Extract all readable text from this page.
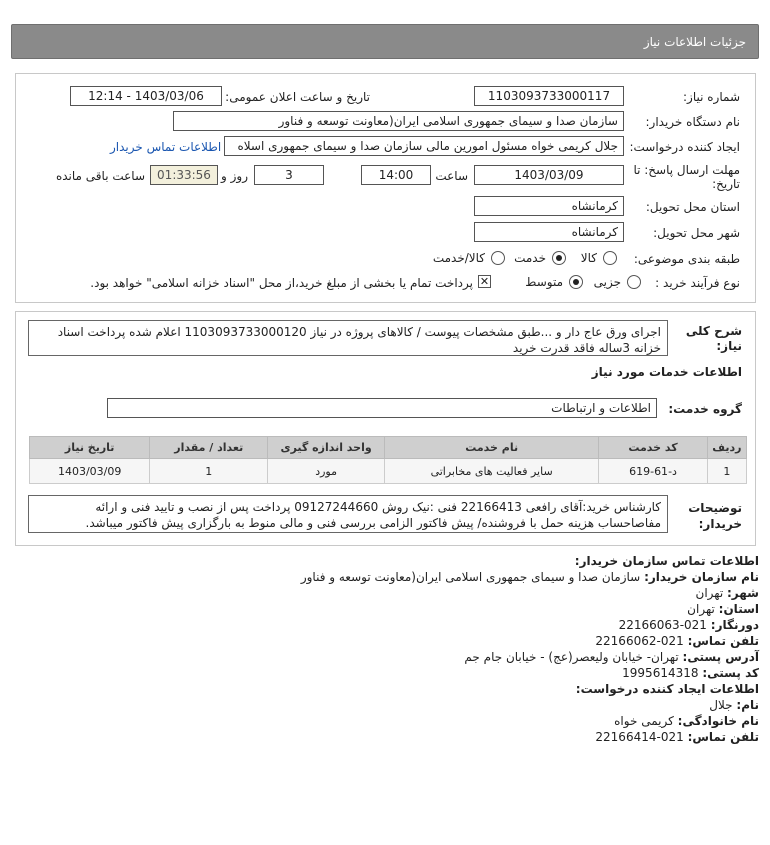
جزئیات اطلاعات نیاز
شماره نیاز:
1103093733000117
تاریخ و ساعت اعلان عمومی:
1403/03/06 - 12:14
نام دستگاه خریدار:
سازمان صدا و سیمای جمهوری اسلامی ایران(معاونت توسعه و فناور
ایجاد کننده درخواست:
جلال کریمی خواه مسئول امورین مالی سازمان صدا و سیمای جمهوری اسلاه
اطلاعات تماس خریدار
مهلت ارسال پاسخ: تا
تاریخ:
1403/03/09
ساعت
14:00
3
روز و
01:33:56
ساعت باقی مانده
استان محل تحویل:
کرمانشاه
شهر محل تحویل:
کرمانشاه
طبقه بندی موضوعی:
کالا
خدمت
کالا/خدمت
نوع فرآیند خرید :
جزیی
متوسط
✕
پرداخت تمام یا بخشی از مبلغ خرید،از محل "اسناد خزانه اسلامی" خواهد بود.
شرح کلی
نیاز:
اجرای ورق عاج دار و ...طبق مشخصات پیوست / کالاهای پروژه در نیاز 1103093733000120 اعلام شده پرداخت اسناد خزانه 3ساله فاقد قدرت خرید
اطلاعات خدمات مورد نیاز
گروه خدمت:
اطلاعات و ارتباطات
ردیف	کد خدمت	نام خدمت	واحد اندازه گیری	تعداد / مقدار	تاریخ نیاز
1	د-61-619	سایر فعالیت های مخابراتی	مورد	1	1403/03/09
توضیحات
خریدار:
کارشناس خرید:آقای رافعی 22166413 فنی :نیک روش 09127244660 پرداخت پس از نصب و تایید فنی و ارائه مفاصاحساب هزینه حمل با فروشنده/ پیش فاکتور الزامی بررسی فنی و مالی منوط به بارگزاری پیش فاکتور میباشد.
اطلاعات تماس سازمان خریدار:
نام سازمان خریدار: سازمان صدا و سیمای جمهوری اسلامی ایران(معاونت توسعه و فناور
شهر: تهران
استان: تهران
دورنگار: 021-22166063
تلفن تماس: 021-22166062
آدرس پستی: تهران- خیابان ولیعصر(عج) - خیابان جام جم
کد پستی: 1995614318
اطلاعات ایجاد کننده درخواست:
نام: جلال
نام خانوادگی: کریمی خواه
تلفن تماس: 021-22166414
